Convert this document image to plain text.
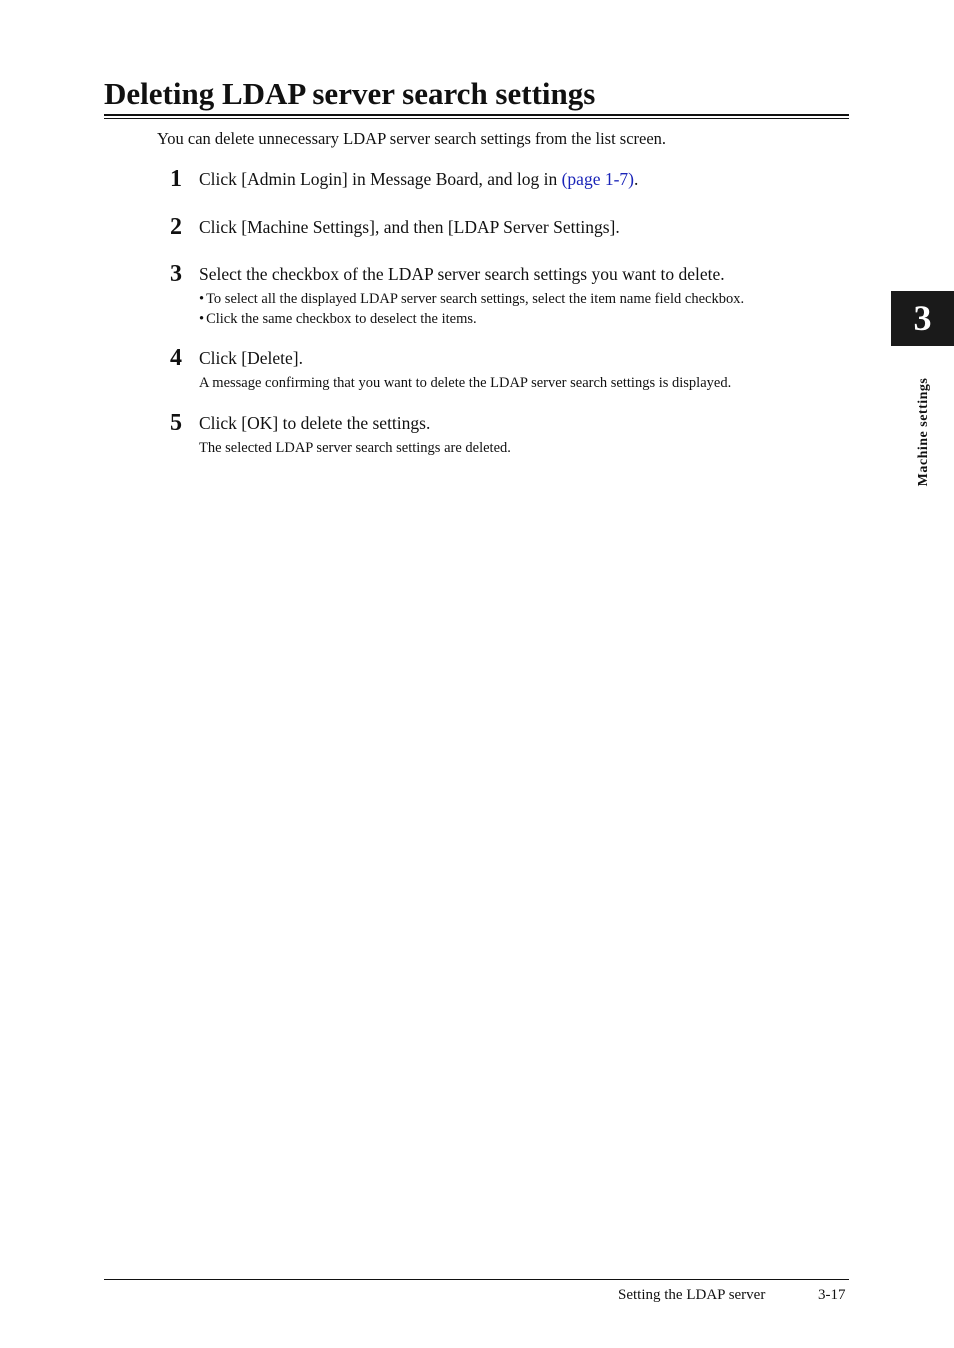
Deleting LDAP server search settings

You can delete unnecessary LDAP server search settings from the list screen.

1 Click [Admin Login] in Message Board, and log in (page 1-7).
2 Click [Machine Settings], and then [LDAP Server Settings].
3 Select the checkbox of the LDAP server search settings you want to delete.
• To select all the displayed LDAP server search settings, select the item name field checkbox.
• Click the same checkbox to deselect the items.
4 Click [Delete].
A message confirming that you want to delete the LDAP server search settings is displayed.
5 Click [OK] to delete the settings.
The selected LDAP server search settings are deleted.
3
Machine settings
Setting the LDAP server	3-17
